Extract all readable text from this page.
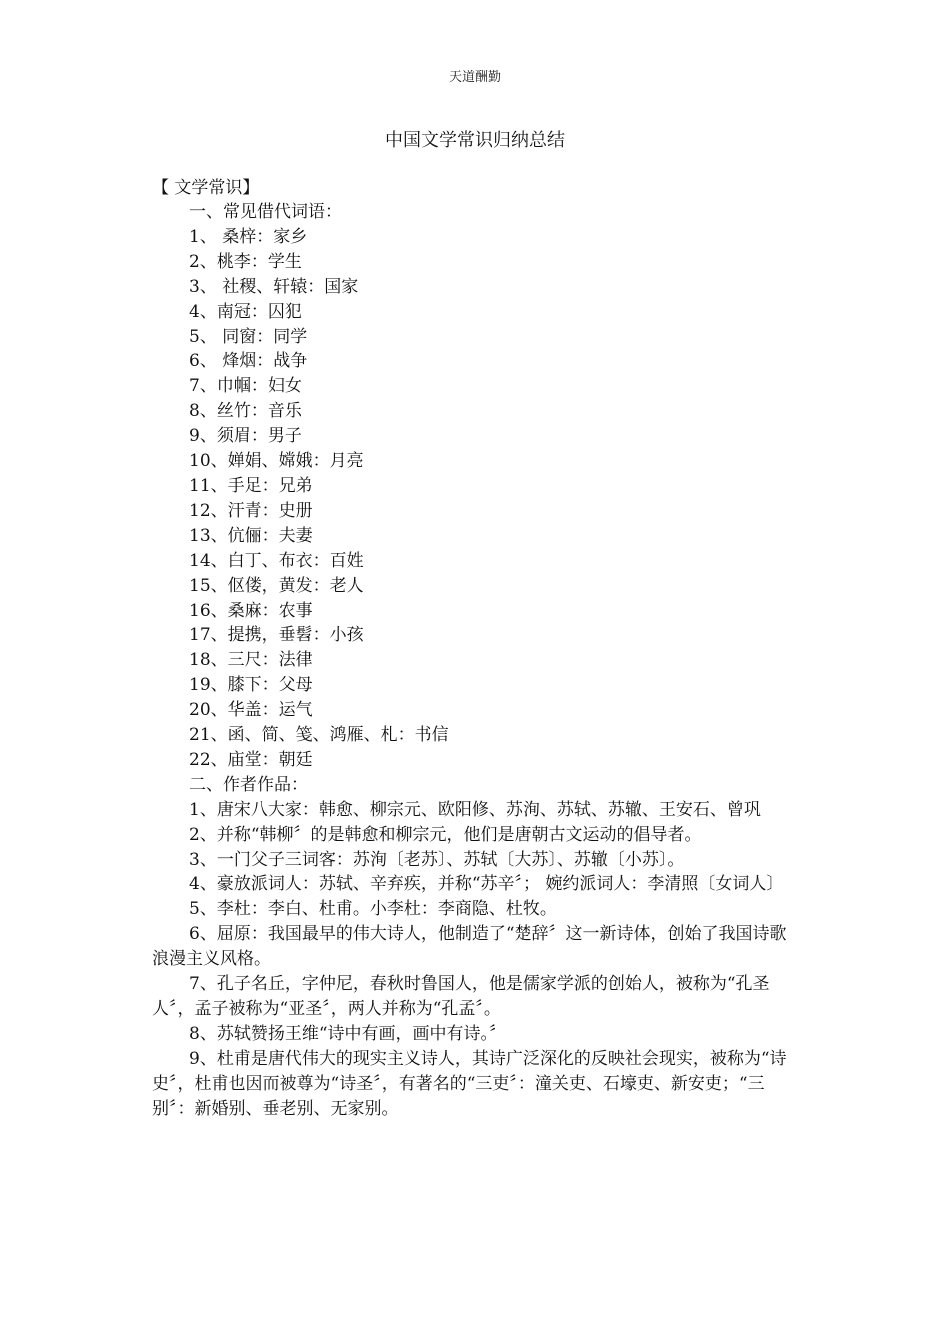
天道酬勤
中国文学常识归纳总结
【 文学常识】

一、常见借代词语：

1、 桑梓：家乡

2、桃李：学生

3、 社稷、轩辕：国家

4、南冠：囚犯

5、 同窗：同学

6、 烽烟：战争

7、巾帼：妇女

8、丝竹：音乐

9、须眉：男子

10、婵娟、嫦娥：月亮

11、手足：兄弟

12、汗青：史册

13、伉俪：夫妻

14、白丁、布衣：百姓

15、伛偻，黄发：老人

16、桑麻：农事

17、提携，垂髫：小孩

18、三尺：法律

19、膝下：父母

20、华盖：运气

21、函、简、笺、鸿雁、札：书信

22、庙堂：朝廷

二、作者作品：

1、唐宋八大家：韩愈、柳宗元、欧阳修、苏洵、苏轼、苏辙、王安石、曾巩

2、并称“韩柳〞的是韩愈和柳宗元，他们是唐朝古文运动的倡导者。

3、一门父子三词客：苏洵〔老苏〕、苏轼〔大苏〕、苏辙〔小苏〕。

4、豪放派词人：苏轼、辛弃疾，并称“苏辛〞； 婉约派词人：李清照〔女词人〕

5、李杜：李白、杜甫。小李杜：李商隐、杜牧。

6、屈原：我国最早的伟大诗人，他制造了“楚辞〞这一新诗体，创始了我国诗歌浪漫主义风格。

7、孔子名丘，字仲尼，春秋时鲁国人，他是儒家学派的创始人，被称为“孔圣人〞，孟子被称为“亚圣〞，两人并称为“孔孟〞。

8、苏轼赞扬王维“诗中有画，画中有诗。〞

9、杜甫是唐代伟大的现实主义诗人，其诗广泛深化的反映社会现实，被称为“诗史〞，杜甫也因而被尊为“诗圣〞，有著名的“三吏〞：潼关吏、石壕吏、新安吏；“三别〞：新婚别、垂老别、无家别。
